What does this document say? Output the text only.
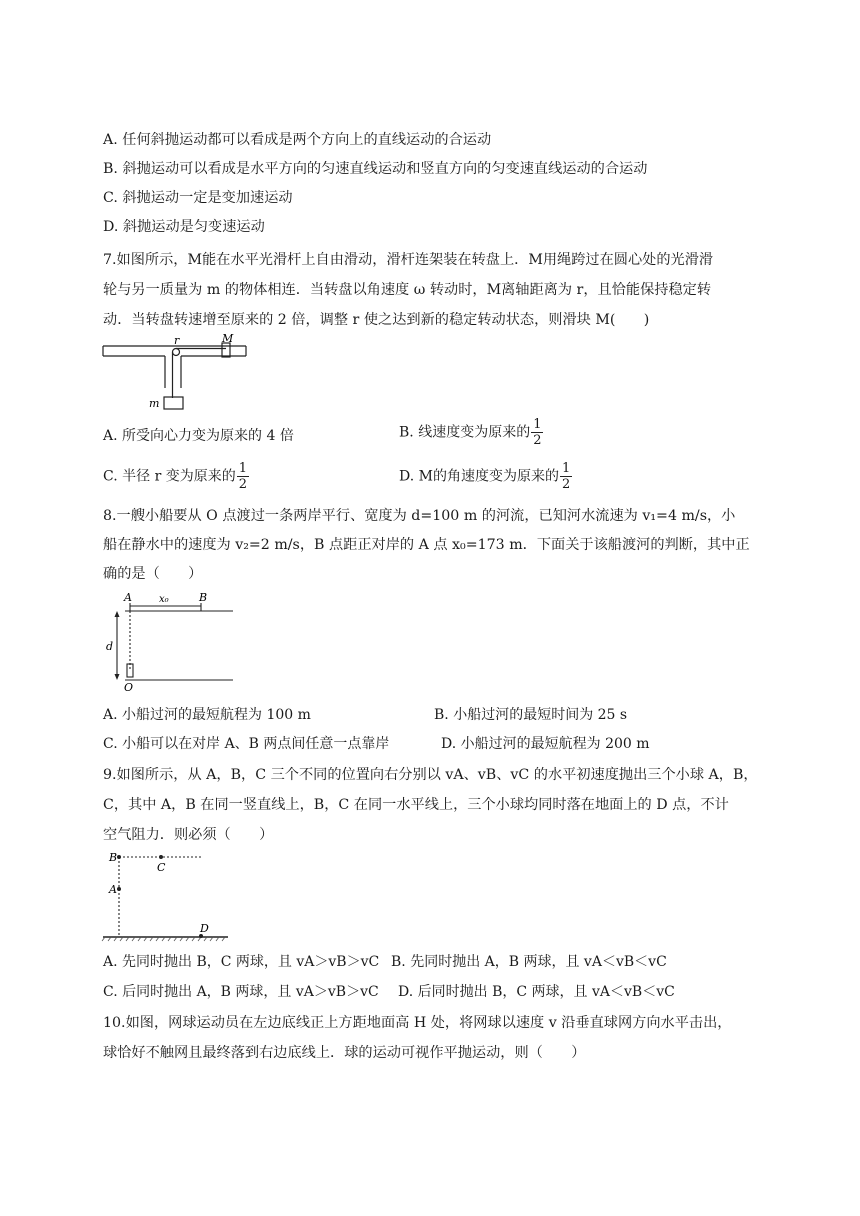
A. 任何斜抛运动都可以看成是两个方向上的直线运动的合运动
B. 斜抛运动可以看成是水平方向的匀速直线运动和竖直方向的匀变速直线运动的合运动
C. 斜抛运动一定是变加速运动
D. 斜抛运动是匀变速运动
7.如图所示，M能在水平光滑杆上自由滑动，滑杆连架装在转盘上．M用绳跨过在圆心处的光滑滑
轮与另一质量为 m 的物体相连．当转盘以角速度 ω 转动时，M离轴距离为 r，且恰能保持稳定转
动．当转盘转速增至原来的 2 倍，调整 r 使之达到新的稳定转动状态，则滑块 M(　　)
r	M
m
A. 所受向心力变为原来的 4 倍	B. 线速度变为原来的 $\frac{1}{2}$
C. 半径 r 变为原来的 $\frac{1}{2}$	D. M的角速度变为原来的 $\frac{1}{2}$
8.一艘小船要从 O 点渡过一条两岸平行、宽度为 d=100 m 的河流，已知河水流速为 v₁=4 m/s，小
船在静水中的速度为 v₂=2 m/s，B 点距正对岸的 A 点 x₀=173 m．下面关于该船渡河的判断，其中正
确的是（　　）
A	B
x₀
d
O
A. 小船过河的最短航程为 100 m	B. 小船过河的最短时间为 25 s
C. 小船可以在对岸 A、B 两点间任意一点靠岸	D. 小船过河的最短航程为 200 m
9.如图所示，从 A，B，C 三个不同的位置向右分别以 vA、vB、vC 的水平初速度抛出三个小球 A，B，
C，其中 A，B 在同一竖直线上，B，C 在同一水平线上，三个小球均同时落在地面上的 D 点，不计
空气阻力．则必须（　　）
B
C
A
D
A. 先同时抛出 B，C 两球，且 vA＞vB＞vC B. 先同时抛出 A，B 两球，且 vA＜vB＜vC
C. 后同时抛出 A，B 两球，且 vA＞vB＞vC D. 后同时抛出 B，C 两球，且 vA＜vB＜vC
10.如图，网球运动员在左边底线正上方距地面高 H 处，将网球以速度 v 沿垂直球网方向水平击出，
球恰好不触网且最终落到右边底线上．球的运动可视作平抛运动，则（　　）
